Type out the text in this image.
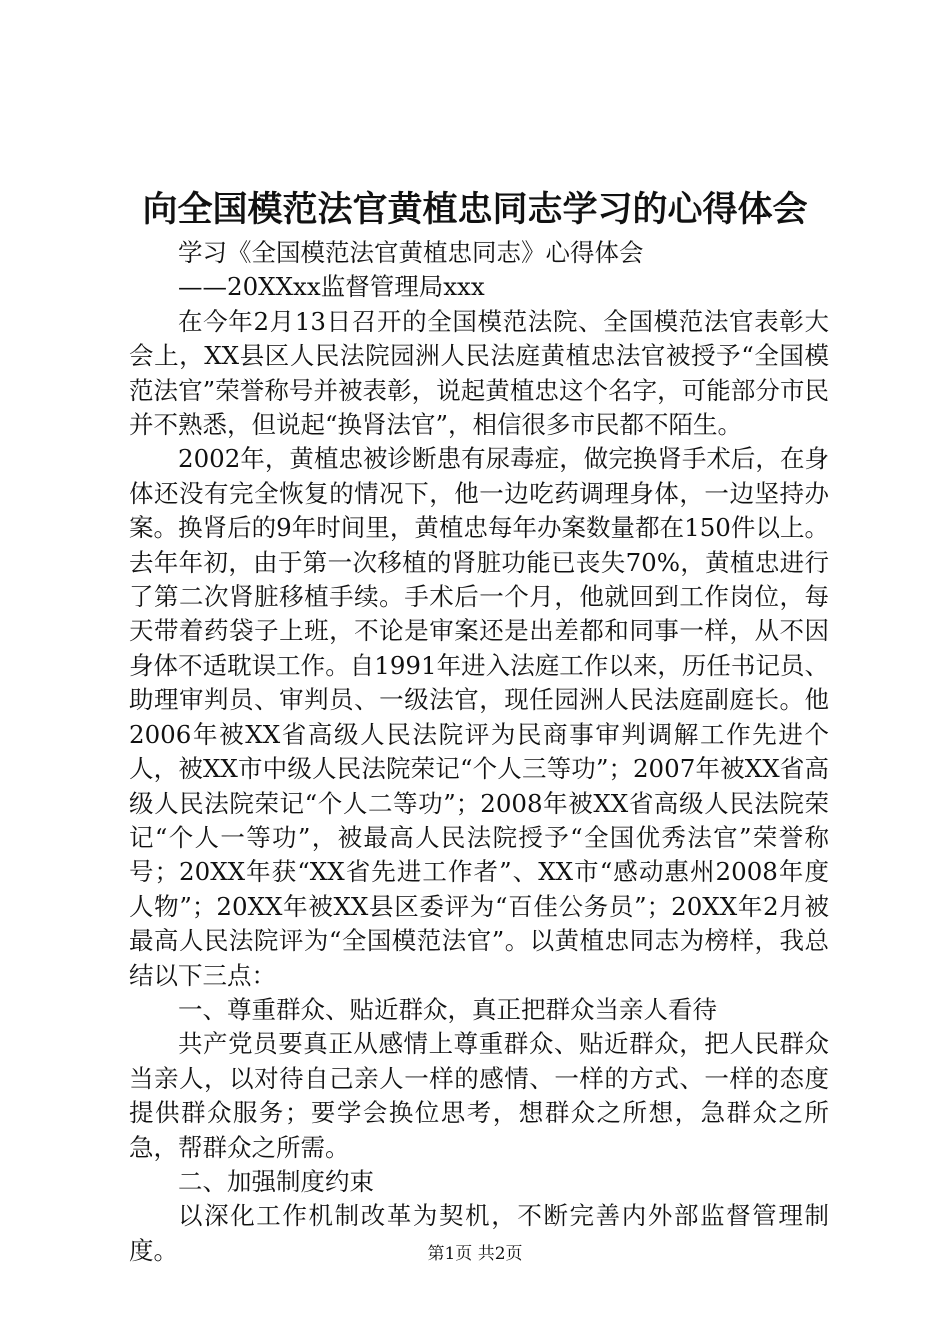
向全国模范法官黄植忠同志学习的心得体会

学习《全国模范法官黄植忠同志》心得体会

——20XXxx监督管理局xxx

在今年2月13日召开的全国模范法院、全国模范法官表彰大会上，XX县区人民法院园洲人民法庭黄植忠法官被授予“全国模范法官”荣誉称号并被表彰，说起黄植忠这个名字，可能部分市民并不熟悉，但说起“换肾法官”，相信很多市民都不陌生。

2002年，黄植忠被诊断患有尿毒症，做完换肾手术后，在身体还没有完全恢复的情况下，他一边吃药调理身体，一边坚持办案。换肾后的9年时间里，黄植忠每年办案数量都在150件以上。去年年初，由于第一次移植的肾脏功能已丧失70%，黄植忠进行了第二次肾脏移植手续。手术后一个月，他就回到工作岗位，每天带着药袋子上班，不论是审案还是出差都和同事一样，从不因身体不适耽误工作。自1991年进入法庭工作以来，历任书记员、助理审判员、审判员、一级法官，现任园洲人民法庭副庭长。他2006年被XX省高级人民法院评为民商事审判调解工作先进个人，被XX市中级人民法院荣记“个人三等功”；2007年被XX省高级人民法院荣记“个人二等功”；2008年被XX省高级人民法院荣记“个人一等功”，被最高人民法院授予“全国优秀法官”荣誉称号；20XX年获“XX省先进工作者”、XX市“感动惠州2008年度人物”；20XX年被XX县区委评为“百佳公务员”；20XX年2月被最高人民法院评为“全国模范法官”。以黄植忠同志为榜样，我总结以下三点：

一、尊重群众、贴近群众，真正把群众当亲人看待

共产党员要真正从感情上尊重群众、贴近群众，把人民群众当亲人，以对待自己亲人一样的感情、一样的方式、一样的态度提供群众服务；要学会换位思考，想群众之所想，急群众之所急，帮群众之所需。

二、加强制度约束

以深化工作机制改革为契机，不断完善内外部监督管理制度。	第1页 共2页
